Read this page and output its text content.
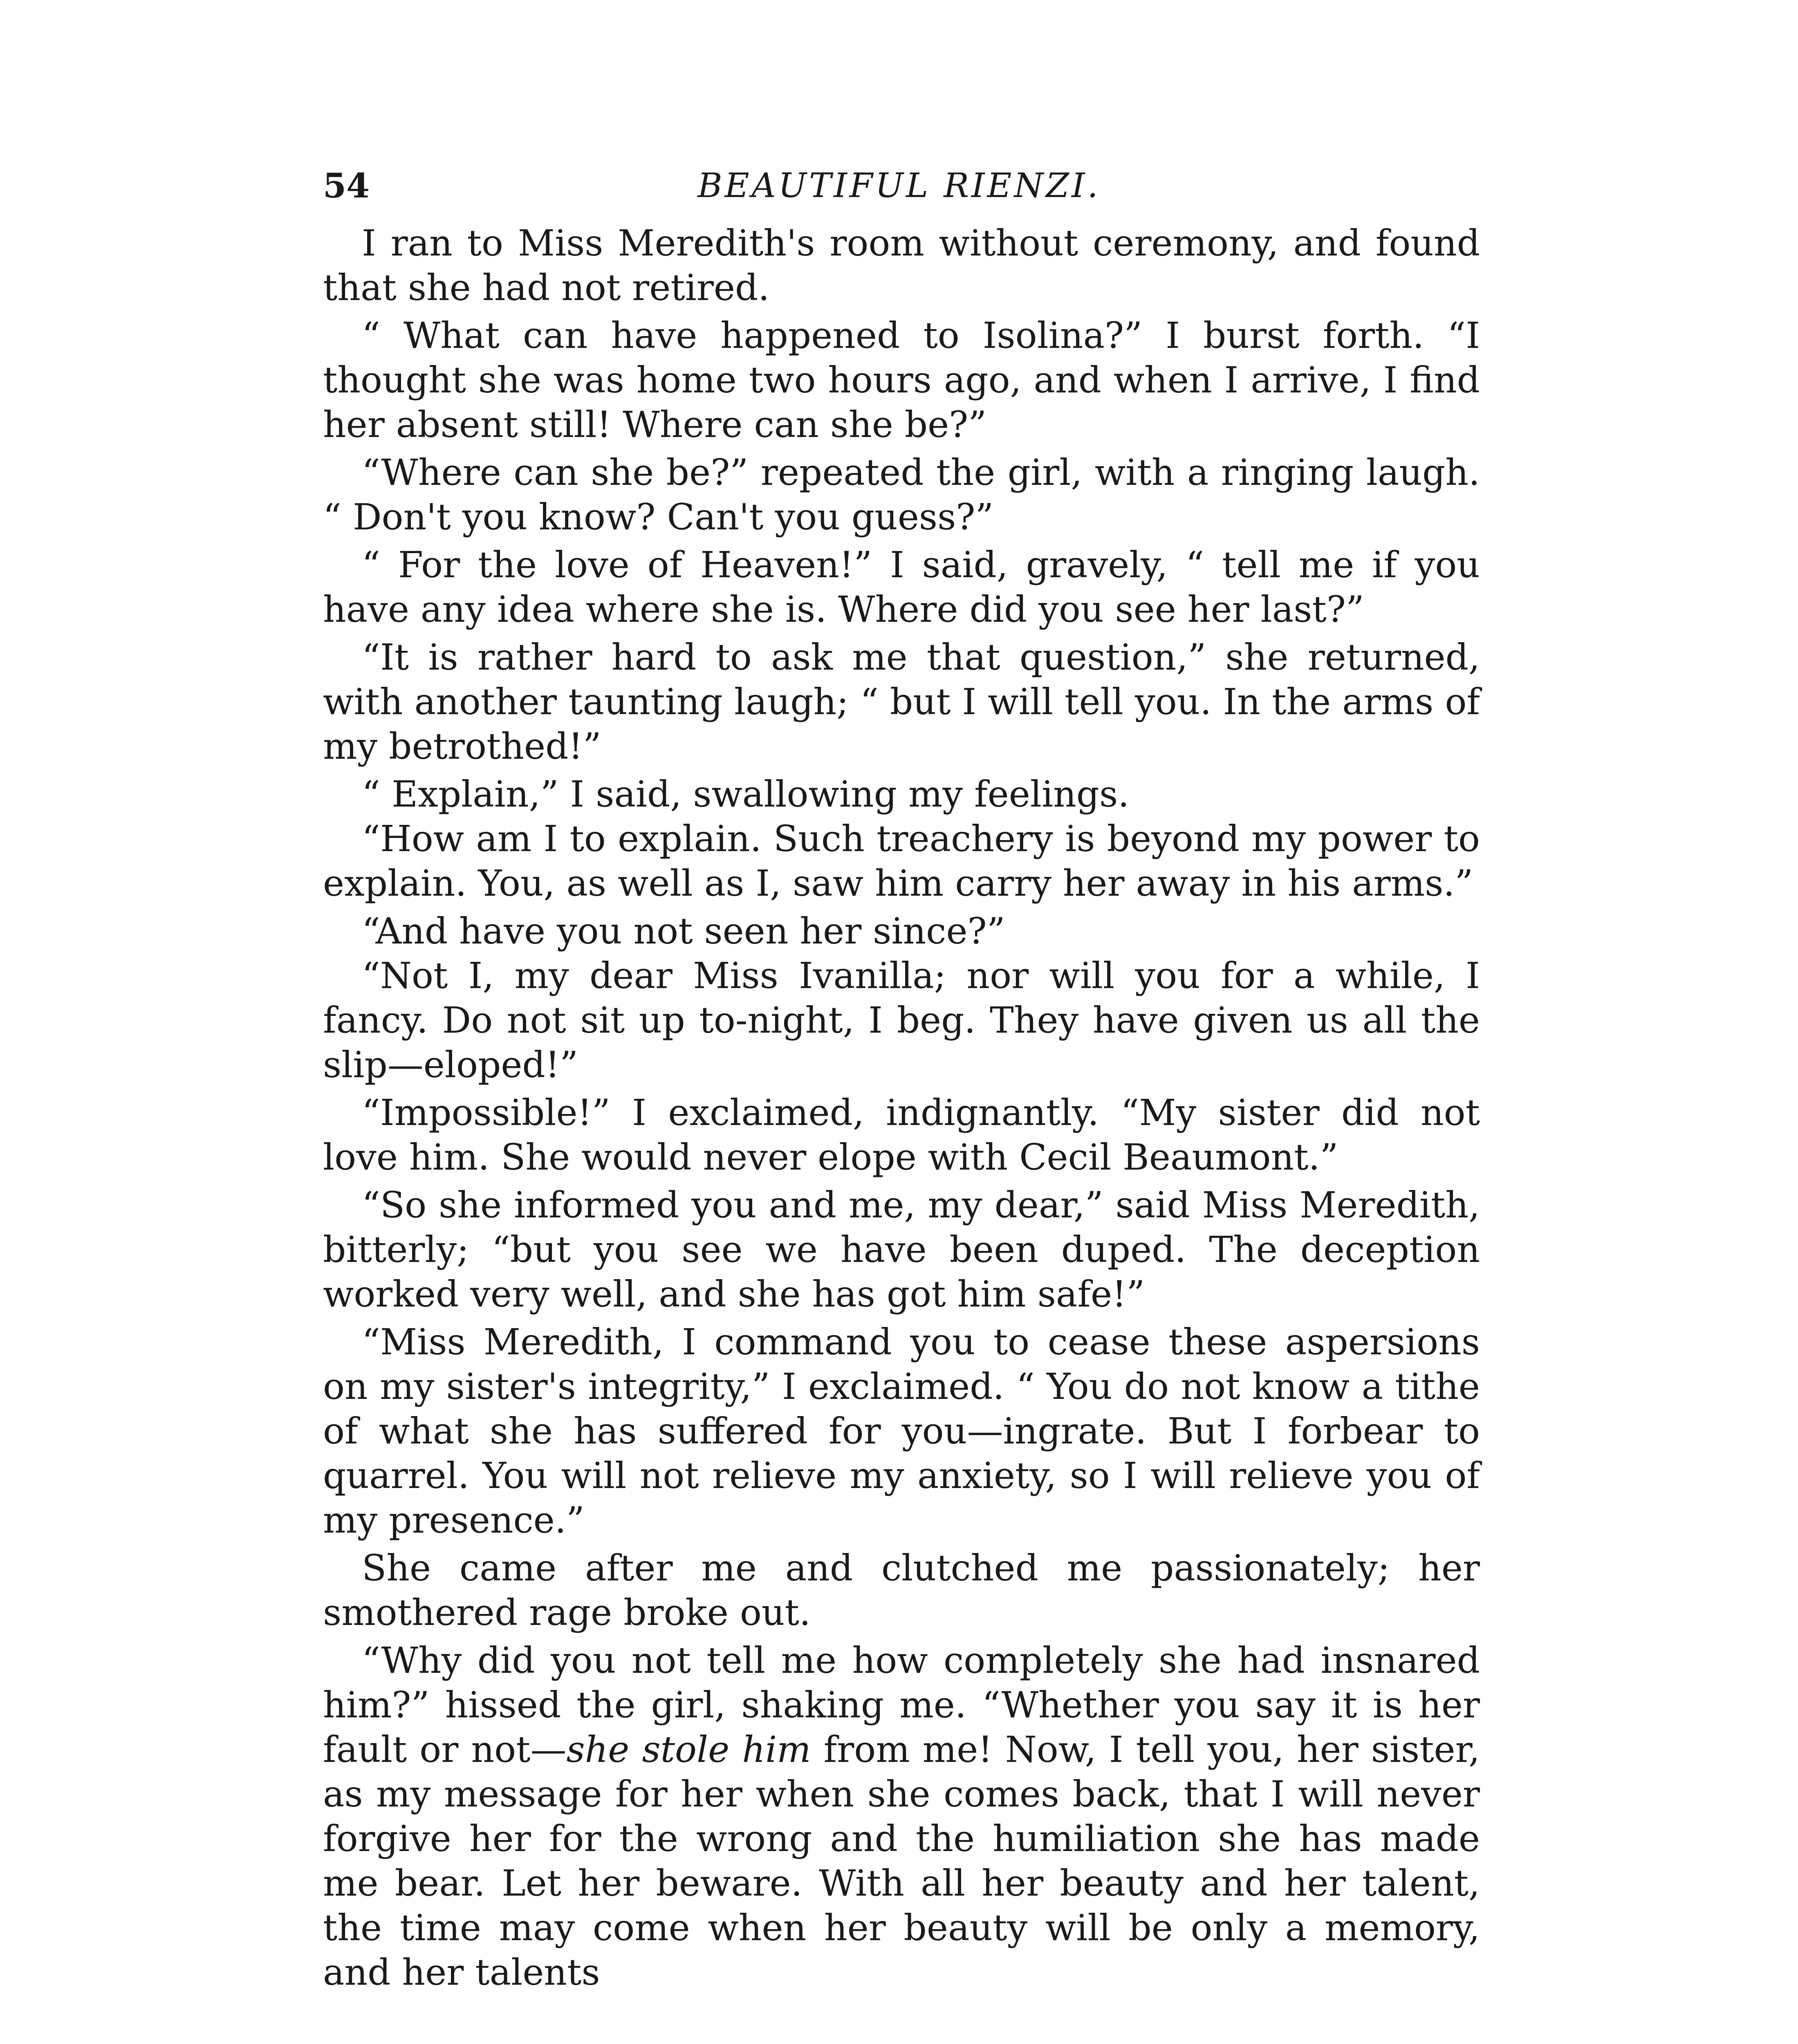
54	BEAUTIFUL RIENZI.

I ran to Miss Meredith's room without ceremony, and found that she had not retired.

“ What can have happened to Isolina?” I burst forth. “I thought she was home two hours ago, and when I arrive, I find her absent still! Where can she be?”

“Where can she be?” repeated the girl, with a ringing laugh. “ Don't you know? Can't you guess?”

“ For the love of Heaven!” I said, gravely, “ tell me if you have any idea where she is. Where did you see her last?”

“It is rather hard to ask me that question,” she returned, with another taunting laugh; “ but I will tell you. In the arms of my betrothed!”

“ Explain,” I said, swallowing my feelings.

“How am I to explain. Such treachery is beyond my power to explain. You, as well as I, saw him carry her away in his arms.”

“And have you not seen her since?”

“Not I, my dear Miss Ivanilla; nor will you for a while, I fancy. Do not sit up to-night, I beg. They have given us all the slip—eloped!”

“Impossible!” I exclaimed, indignantly. “My sister did not love him. She would never elope with Cecil Beaumont.”

“So she informed you and me, my dear,” said Miss Meredith, bitterly; “but you see we have been duped. The deception worked very well, and she has got him safe!”

“Miss Meredith, I command you to cease these aspersions on my sister's integrity,” I exclaimed. “ You do not know a tithe of what she has suffered for you—ingrate. But I forbear to quarrel. You will not relieve my anxiety, so I will relieve you of my presence.”

She came after me and clutched me passionately; her smothered rage broke out.

“Why did you not tell me how completely she had insnared him?” hissed the girl, shaking me. “Whether you say it is her fault or not—she stole him from me! Now, I tell you, her sister, as my message for her when she comes back, that I will never forgive her for the wrong and the humiliation she has made me bear. Let her beware. With all her beauty and her talent, the time may come when her beauty will be only a memory, and her talents
